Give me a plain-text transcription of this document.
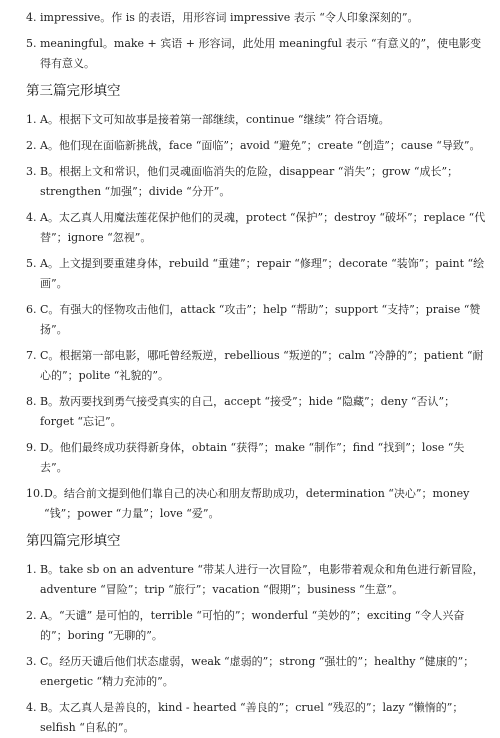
4. impressive。作 is 的表语，用形容词 impressive 表示 “令人印象深刻的”。
5. meaningful。make + 宾语 + 形容词，此处用 meaningful 表示 “有意义的”，使电影变得有意义。
第三篇完形填空
1. A。根据下文可知故事是接着第一部继续，continue “继续” 符合语境。
2. A。他们现在面临新挑战，face “面临”；avoid “避免”；create “创造”；cause “导致”。
3. B。根据上文和常识，他们灵魂面临消失的危险，disappear “消失”；grow “成长”；strengthen “加强”；divide “分开”。
4. A。太乙真人用魔法莲花保护他们的灵魂，protect “保护”；destroy “破坏”；replace “代替”；ignore “忽视”。
5. A。上文提到要重建身体，rebuild “重建”；repair “修理”；decorate “装饰”；paint “绘画”。
6. C。有强大的怪物攻击他们，attack “攻击”；help “帮助”；support “支持”；praise “赞扬”。
7. C。根据第一部电影，哪吒曾经叛逆，rebellious “叛逆的”；calm “冷静的”；patient “耐心的”；polite “礼貌的”。
8. B。敖丙要找到勇气接受真实的自己，accept “接受”；hide “隐藏”；deny “否认”；forget “忘记”。
9. D。他们最终成功获得新身体，obtain “获得”；make “制作”；find “找到”；lose “失去”。
10. D。结合前文提到他们靠自己的决心和朋友帮助成功，determination “决心”；money “钱”；power “力量”；love “爱”。
第四篇完形填空
1. B。take sb on an adventure “带某人进行一次冒险”，电影带着观众和角色进行新冒险，adventure “冒险”；trip “旅行”；vacation “假期”；business “生意”。
2. A。“天谴” 是可怕的，terrible “可怕的”；wonderful “美妙的”；exciting “令人兴奋的”；boring “无聊的”。
3. C。经历天谴后他们状态虚弱，weak “虚弱的”；strong “强壮的”；healthy “健康的”；energetic “精力充沛的”。
4. B。太乙真人是善良的，kind - hearted “善良的”；cruel “残忍的”；lazy “懒惰的”；selfish “自私的”。
